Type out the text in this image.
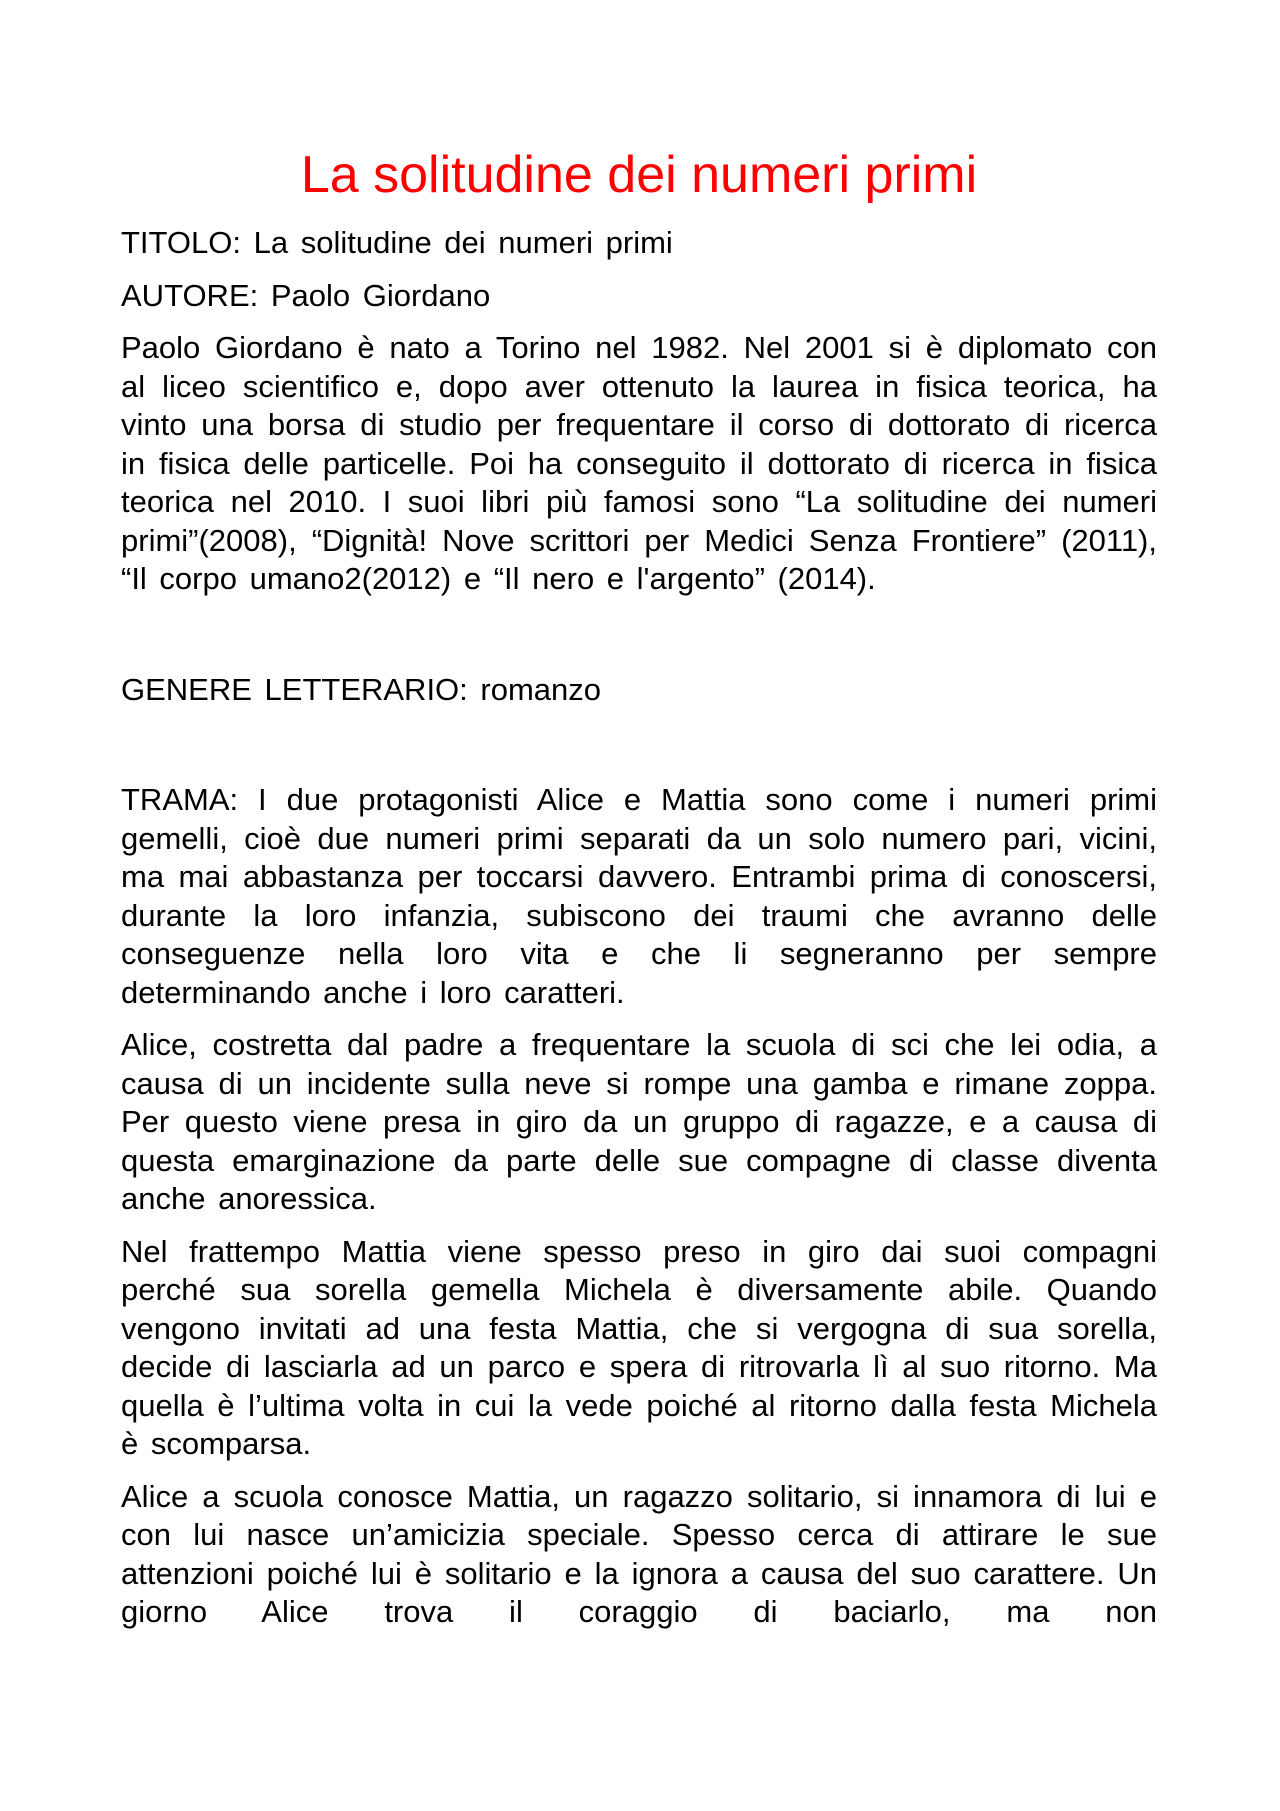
La solitudine dei numeri primi

TITOLO: La solitudine dei numeri primi

AUTORE: Paolo Giordano

Paolo Giordano è nato a Torino nel 1982. Nel 2001 si è diplomato con al liceo scientifico e, dopo aver ottenuto la laurea in fisica teorica, ha vinto una borsa di studio per frequentare il corso di dottorato di ricerca in fisica delle particelle. Poi ha conseguito il dottorato di ricerca in fisica teorica nel 2010. I suoi libri più famosi sono “La solitudine dei numeri primi”(2008), “Dignità! Nove scrittori per Medici Senza Frontiere” (2011), “Il corpo umano2(2012) e “Il nero e l'argento” (2014).

GENERE LETTERARIO: romanzo

TRAMA: I due protagonisti Alice e Mattia sono come i numeri primi gemelli, cioè due numeri primi separati da un solo numero pari, vicini, ma mai abbastanza per toccarsi davvero. Entrambi prima di conoscersi, durante la loro infanzia, subiscono dei traumi che avranno delle conseguenze nella loro vita e che li segneranno per sempre determinando anche i loro caratteri.

Alice, costretta dal padre a frequentare la scuola di sci che lei odia, a causa di un incidente sulla neve si rompe una gamba e rimane zoppa. Per questo viene presa in giro da un gruppo di ragazze, e a causa di questa emarginazione da parte delle sue compagne di classe diventa anche anoressica.

Nel frattempo Mattia viene spesso preso in giro dai suoi compagni perché sua sorella gemella Michela è diversamente abile. Quando vengono invitati ad una festa Mattia, che si vergogna di sua sorella, decide di lasciarla ad un parco e spera di ritrovarla lì al suo ritorno. Ma quella è l’ultima volta in cui la vede poiché al ritorno dalla festa Michela è scomparsa.

Alice a scuola conosce Mattia, un ragazzo solitario, si innamora di lui e con lui nasce un’amicizia speciale. Spesso cerca di attirare le sue attenzioni poiché lui è solitario e la ignora a causa del suo carattere. Un giorno Alice trova il coraggio di baciarlo, ma non
